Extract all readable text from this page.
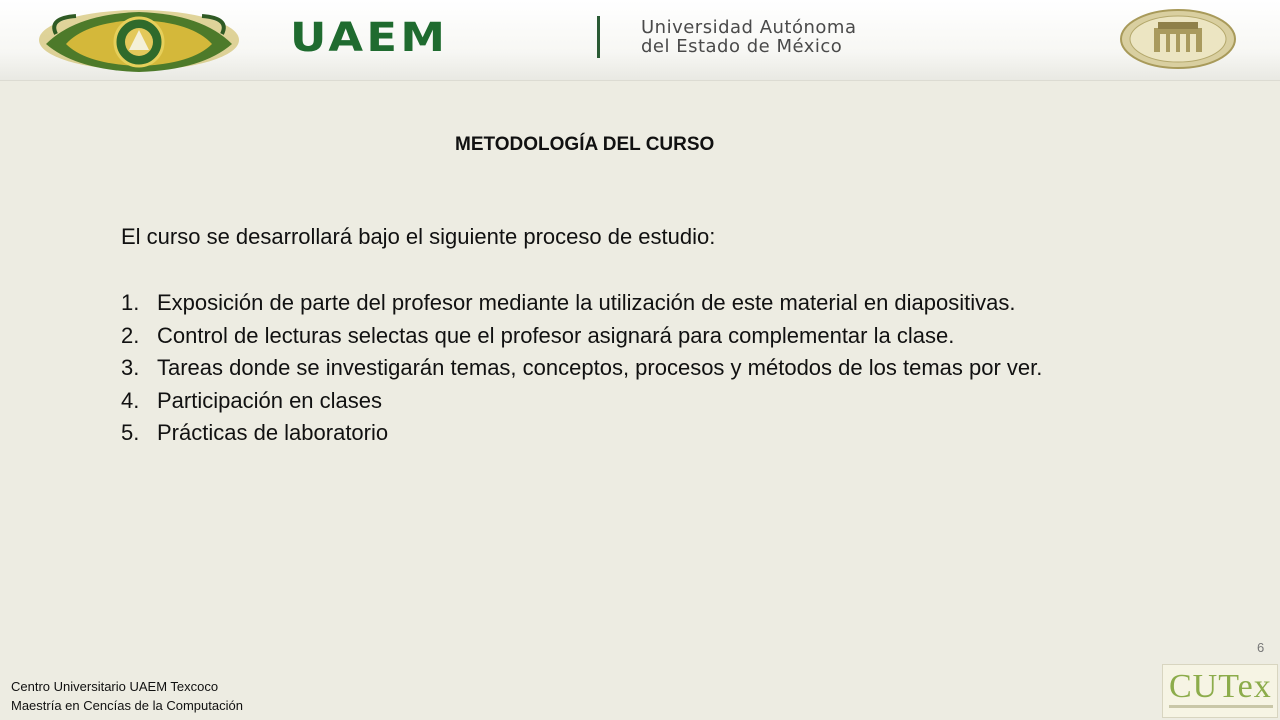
UAEM	Universidad Autónoma
del Estado de México
METODOLOGÍA DEL CURSO
El curso se desarrollará bajo el siguiente proceso de estudio:
1. Exposición de parte del profesor mediante la utilización de este material en diapositivas.
2. Control de lecturas selectas que el profesor asignará para complementar la clase.
3. Tareas donde se investigarán temas, conceptos, procesos y métodos de los temas por ver.
4. Participación en clases
5. Prácticas de laboratorio
6
Centro Universitario UAEM Texcoco
Maestría en Cencías de la Computación
CUTex
